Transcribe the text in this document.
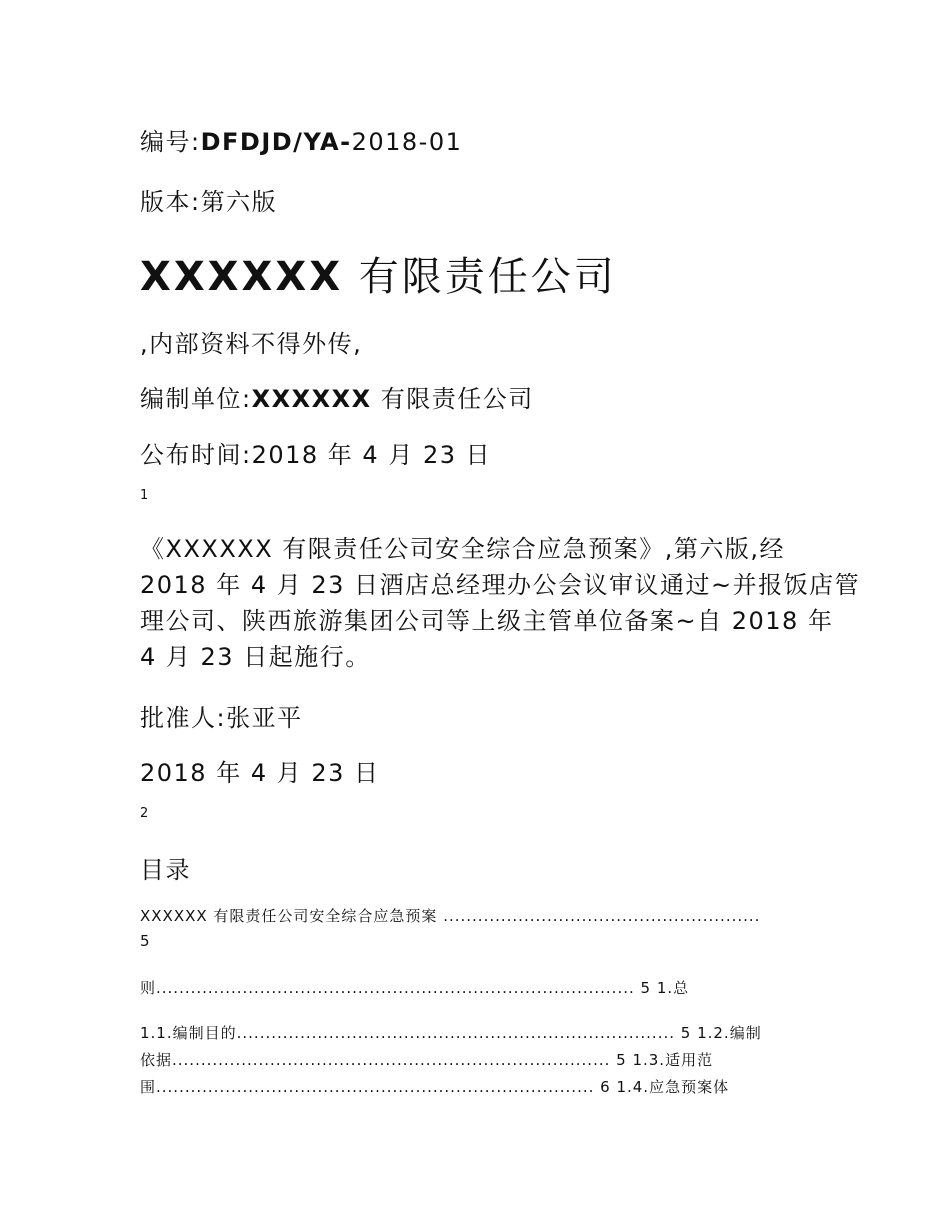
编号:DFDJD/YA-2018-01
版本:第六版
XXXXXX 有限责任公司
,内部资料不得外传,
编制单位:XXXXXX 有限责任公司
公布时间:2018 年 4 月 23 日
1
《XXXXXX 有限责任公司安全综合应急预案》,第六版,经
2018 年 4 月 23 日酒店总经理办公会议审议通过~并报饭店管
理公司、陕西旅游集团公司等上级主管单位备案~自 2018 年
4 月 23 日起施行。
批准人:张亚平
2018 年 4 月 23 日
2
目录
XXXXXX 有限责任公司安全综合应急预案 .......................................................
5
则................................................................................... 5 1.总
1.1.编制目的............................................................................ 5 1.2.编制
依据............................................................................ 5 1.3.适用范
围............................................................................ 6 1.4.应急预案体
